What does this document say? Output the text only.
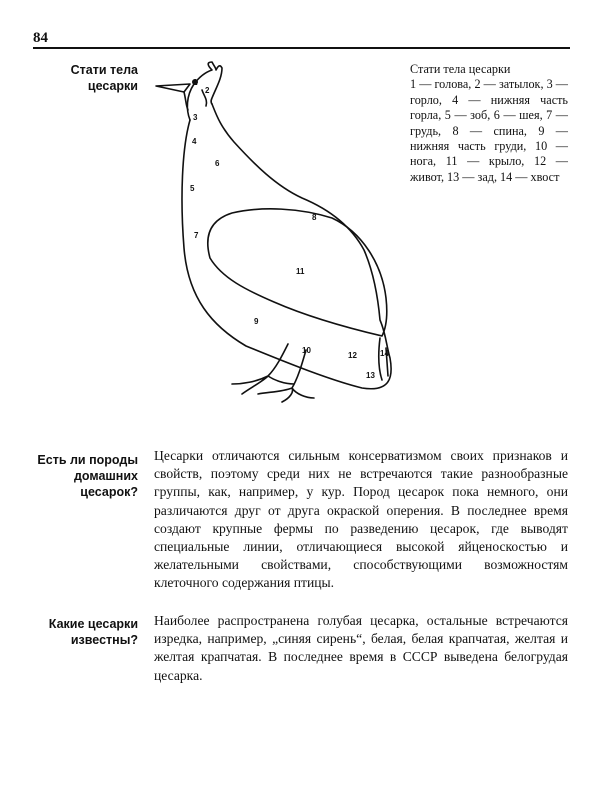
84
Стати тела
цесарки	1
2
3
4
5
6
7
8
9
10
11
12
13
14
Стати тела цесарки
1 — голова, 2 — затылок, 3 — горло, 4 — нижняя часть горла, 5 — зоб, 6 — шея, 7 — грудь, 8 — спина, 9 — нижняя часть груди, 10 — нога, 11 — крыло, 12 — живот, 13 — зад, 14 — хвост
Есть ли породы
домашних
цесарок?

Цесарки отличаются сильным консерватизмом своих признаков и свойств, поэтому среди них не встречаются такие разнообразные группы, как, например, у кур. Пород цесарок пока немного, они различаются друг от друга окраской оперения. В последнее время создают крупные фермы по разведению цесарок, где выводят специальные линии, отличающиеся высокой яйценоскостью и желательными свойствами, способствующими возможностям клеточного содержания птицы.

Какие цесарки
известны?

Наиболее распространена голубая цесарка, остальные встречаются изредка, например, „синяя сирень“, белая, белая крапчатая, желтая и желтая крапчатая. В последнее время в СССР выведена белогрудая цесарка.
